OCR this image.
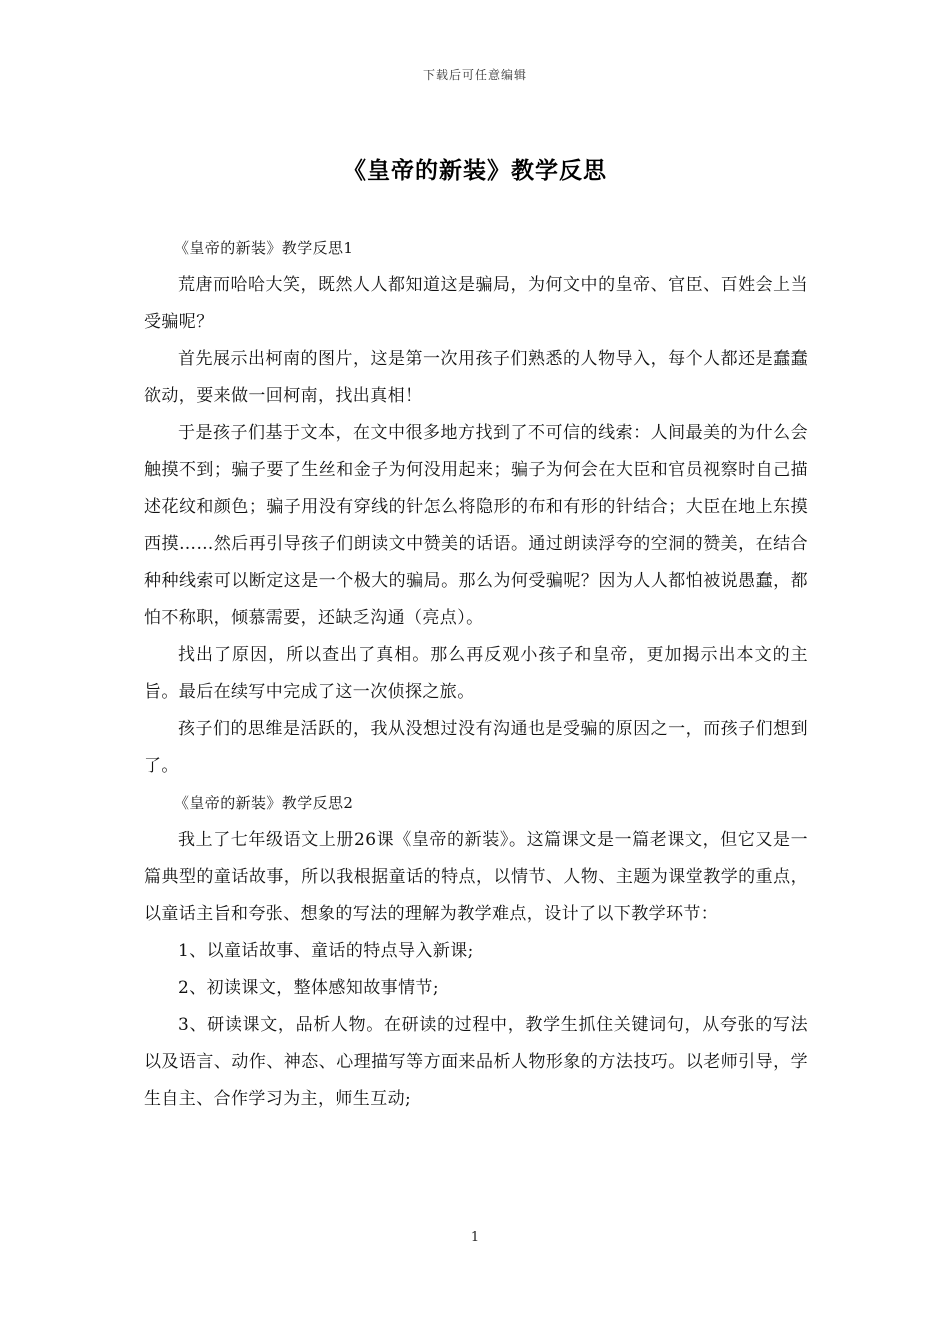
下载后可任意编辑
《皇帝的新装》教学反思

《皇帝的新装》教学反思1

荒唐而哈哈大笑，既然人人都知道这是骗局，为何文中的皇帝、官臣、百姓会上当受骗呢？

首先展示出柯南的图片，这是第一次用孩子们熟悉的人物导入，每个人都还是蠢蠢欲动，要来做一回柯南，找出真相！

于是孩子们基于文本，在文中很多地方找到了不可信的线索：人间最美的为什么会触摸不到；骗子要了生丝和金子为何没用起来；骗子为何会在大臣和官员视察时自己描述花纹和颜色；骗子用没有穿线的针怎么将隐形的布和有形的针结合；大臣在地上东摸西摸……然后再引导孩子们朗读文中赞美的话语。通过朗读浮夸的空洞的赞美，在结合种种线索可以断定这是一个极大的骗局。那么为何受骗呢？因为人人都怕被说愚蠢，都怕不称职，倾慕需要，还缺乏沟通（亮点）。

找出了原因，所以查出了真相。那么再反观小孩子和皇帝，更加揭示出本文的主旨。最后在续写中完成了这一次侦探之旅。

孩子们的思维是活跃的，我从没想过没有沟通也是受骗的原因之一，而孩子们想到了。

《皇帝的新装》教学反思2

我上了七年级语文上册26课《皇帝的新装》。这篇课文是一篇老课文，但它又是一篇典型的童话故事，所以我根据童话的特点，以情节、人物、主题为课堂教学的重点，以童话主旨和夸张、想象的写法的理解为教学难点，设计了以下教学环节：

1、以童话故事、童话的特点导入新课;

2、初读课文，整体感知故事情节;

3、研读课文，品析人物。在研读的过程中，教学生抓住关键词句，从夸张的写法以及语言、动作、神态、心理描写等方面来品析人物形象的方法技巧。以老师引导，学生自主、合作学习为主，师生互动;

1
